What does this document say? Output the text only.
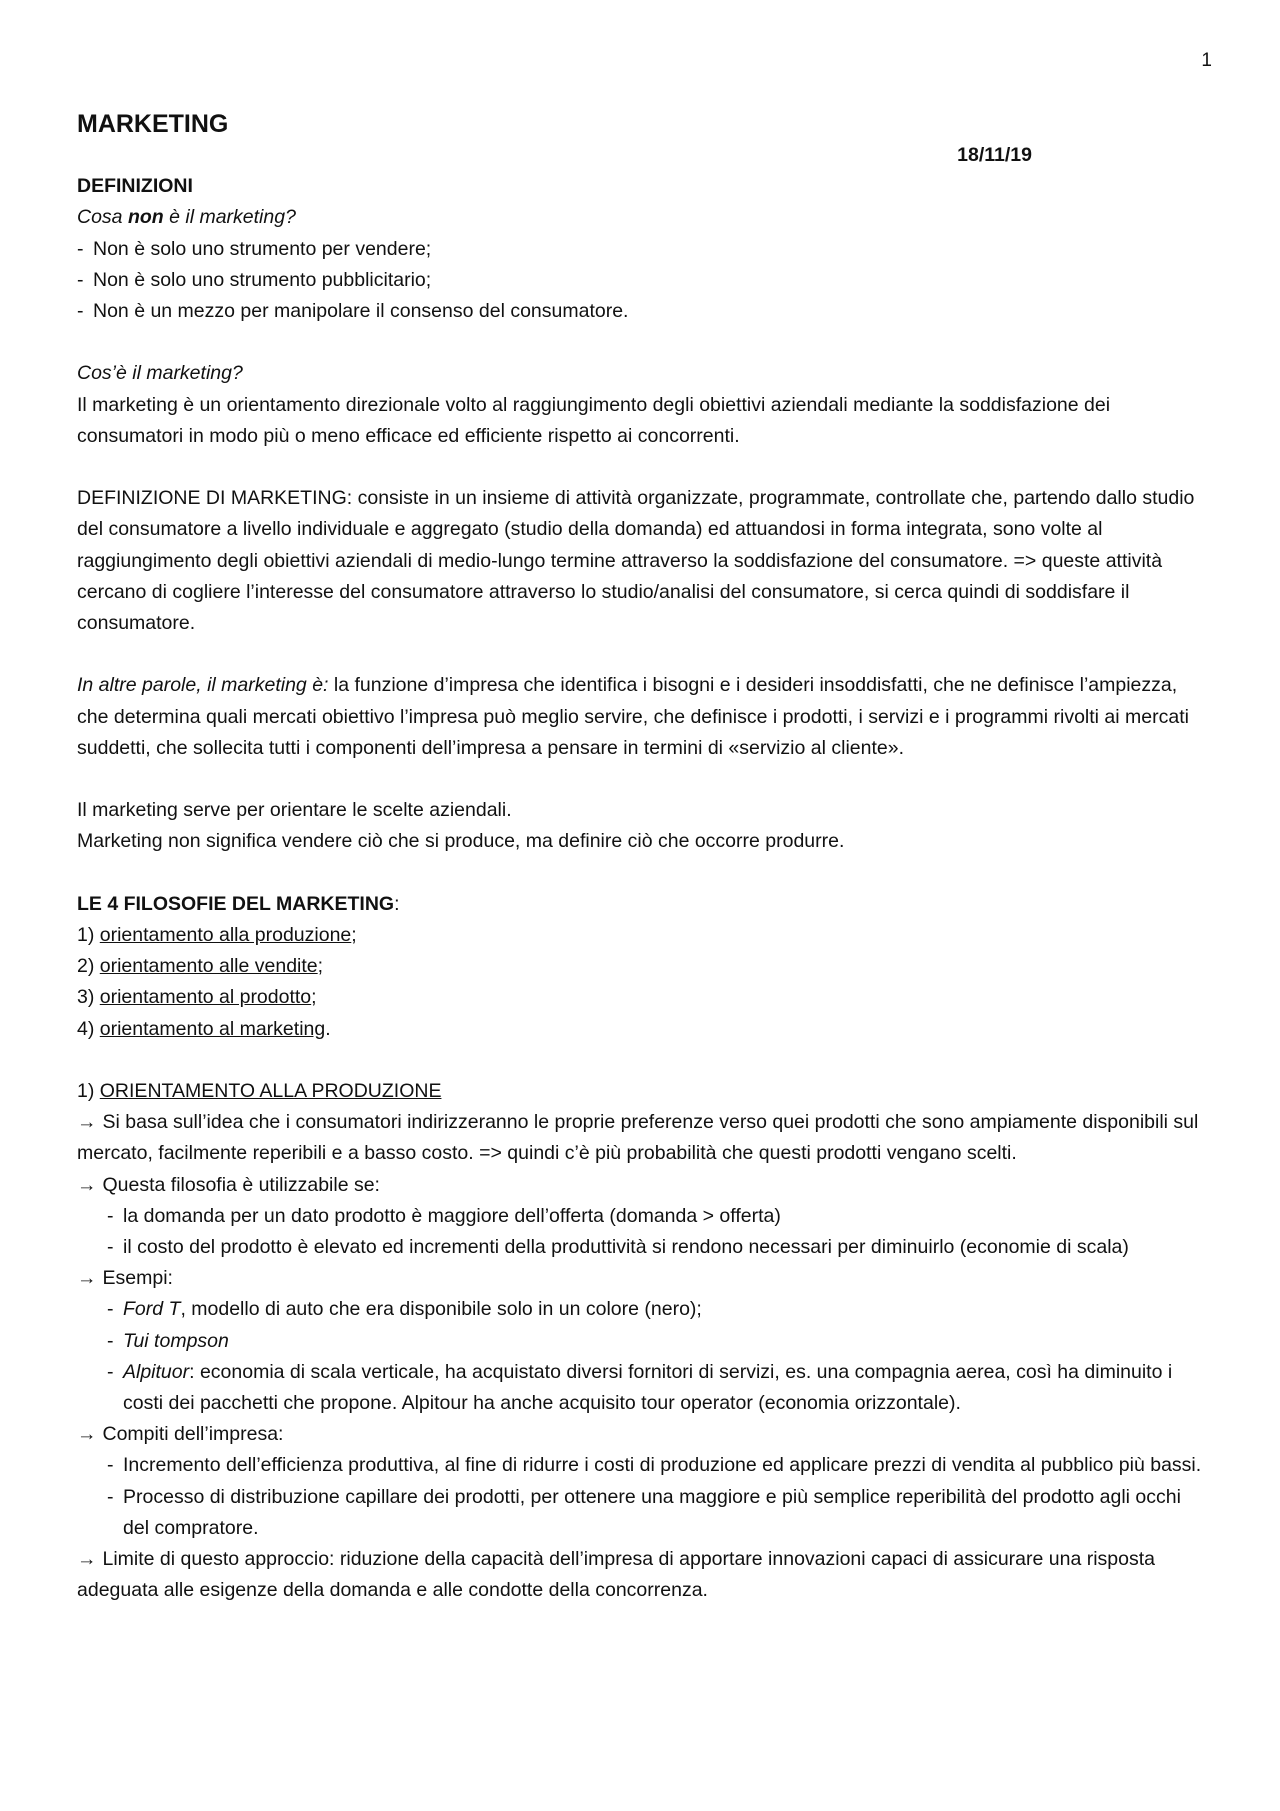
1

MARKETING

18/11/19

DEFINIZIONI

Cosa non è il marketing?

- Non è solo uno strumento per vendere;
- Non è solo uno strumento pubblicitario;
- Non è un mezzo per manipolare il consenso del consumatore.

Cos’è il marketing?

Il marketing è un orientamento direzionale volto al raggiungimento degli obiettivi aziendali mediante la soddisfazione dei consumatori in modo più o meno efficace ed efficiente rispetto ai concorrenti.

DEFINIZIONE DI MARKETING: consiste in un insieme di attività organizzate, programmate, controllate che, partendo dallo studio del consumatore a livello individuale e aggregato (studio della domanda) ed attuandosi in forma integrata, sono volte al raggiungimento degli obiettivi aziendali di medio-lungo termine attraverso la soddisfazione del consumatore. => queste attività cercano di cogliere l’interesse del consumatore attraverso lo studio/analisi del consumatore, si cerca quindi di soddisfare il consumatore.

In altre parole, il marketing è: la funzione d’impresa che identifica i bisogni e i desideri insoddisfatti, che ne definisce l’ampiezza, che determina quali mercati obiettivo l’impresa può meglio servire, che definisce i prodotti, i servizi e i programmi rivolti ai mercati suddetti, che sollecita tutti i componenti dell’impresa a pensare in termini di «servizio al cliente».

Il marketing serve per orientare le scelte aziendali.

Marketing non significa vendere ciò che si produce, ma definire ciò che occorre produrre.

LE 4 FILOSOFIE DEL MARKETING:

1) orientamento alla produzione;

2) orientamento alle vendite;

3) orientamento al prodotto;

4) orientamento al marketing.

1) ORIENTAMENTO ALLA PRODUZIONE

→ Si basa sull’idea che i consumatori indirizzeranno le proprie preferenze verso quei prodotti che sono ampiamente disponibili sul mercato, facilmente reperibili e a basso costo. => quindi c’è più probabilità che questi prodotti vengano scelti.

→ Questa filosofia è utilizzabile se:

- la domanda per un dato prodotto è maggiore dell’offerta (domanda > offerta)
- il costo del prodotto è elevato ed incrementi della produttività si rendono necessari per diminuirlo (economie di scala)

→ Esempi:

- Ford T, modello di auto che era disponibile solo in un colore (nero);
- Tui tompson
- Alpituor: economia di scala verticale, ha acquistato diversi fornitori di servizi, es. una compagnia aerea, così ha diminuito i costi dei pacchetti che propone. Alpitour ha anche acquisito tour operator (economia orizzontale).

→ Compiti dell’impresa:

- Incremento dell’efficienza produttiva, al fine di ridurre i costi di produzione ed applicare prezzi di vendita al pubblico più bassi.
- Processo di distribuzione capillare dei prodotti, per ottenere una maggiore e più semplice reperibilità del prodotto agli occhi del compratore.

→ Limite di questo approccio: riduzione della capacità dell’impresa di apportare innovazioni capaci di assicurare una risposta adeguata alle esigenze della domanda e alle condotte della concorrenza.
